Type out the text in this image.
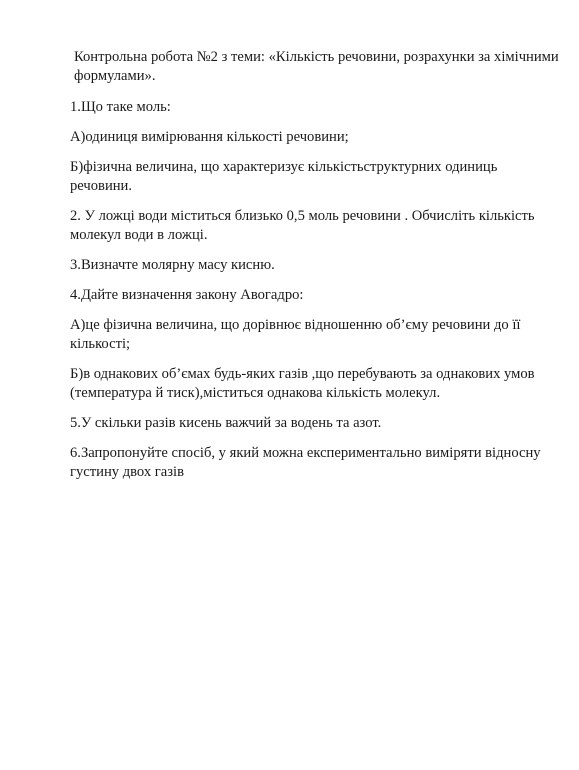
Контрольна робота №2 з теми: «Кількість речовини, розрахунки за хімічними формулами».

1.Що таке моль:

А)одиниця вимірювання кількості речовини;

Б)фізична величина, що характеризує кількістьструктурних одиниць речовини.

2. У ложці води міститься близько 0,5 моль речовини . Обчисліть кількість молекул води в ложці.

3.Визначте молярну масу кисню.

4.Дайте визначення закону Авогадро:

А)це фізична величина, що дорівнює відношенню об’єму речовини до її кількості;

Б)в однакових об’ємах будь-яких газів ,що перебувають за однакових умов (температура й тиск),міститься однакова кількість молекул.

5.У скільки разів кисень важчий за водень та азот.

6.Запропонуйте спосіб, у який можна експериментально виміряти відносну густину двох газів
